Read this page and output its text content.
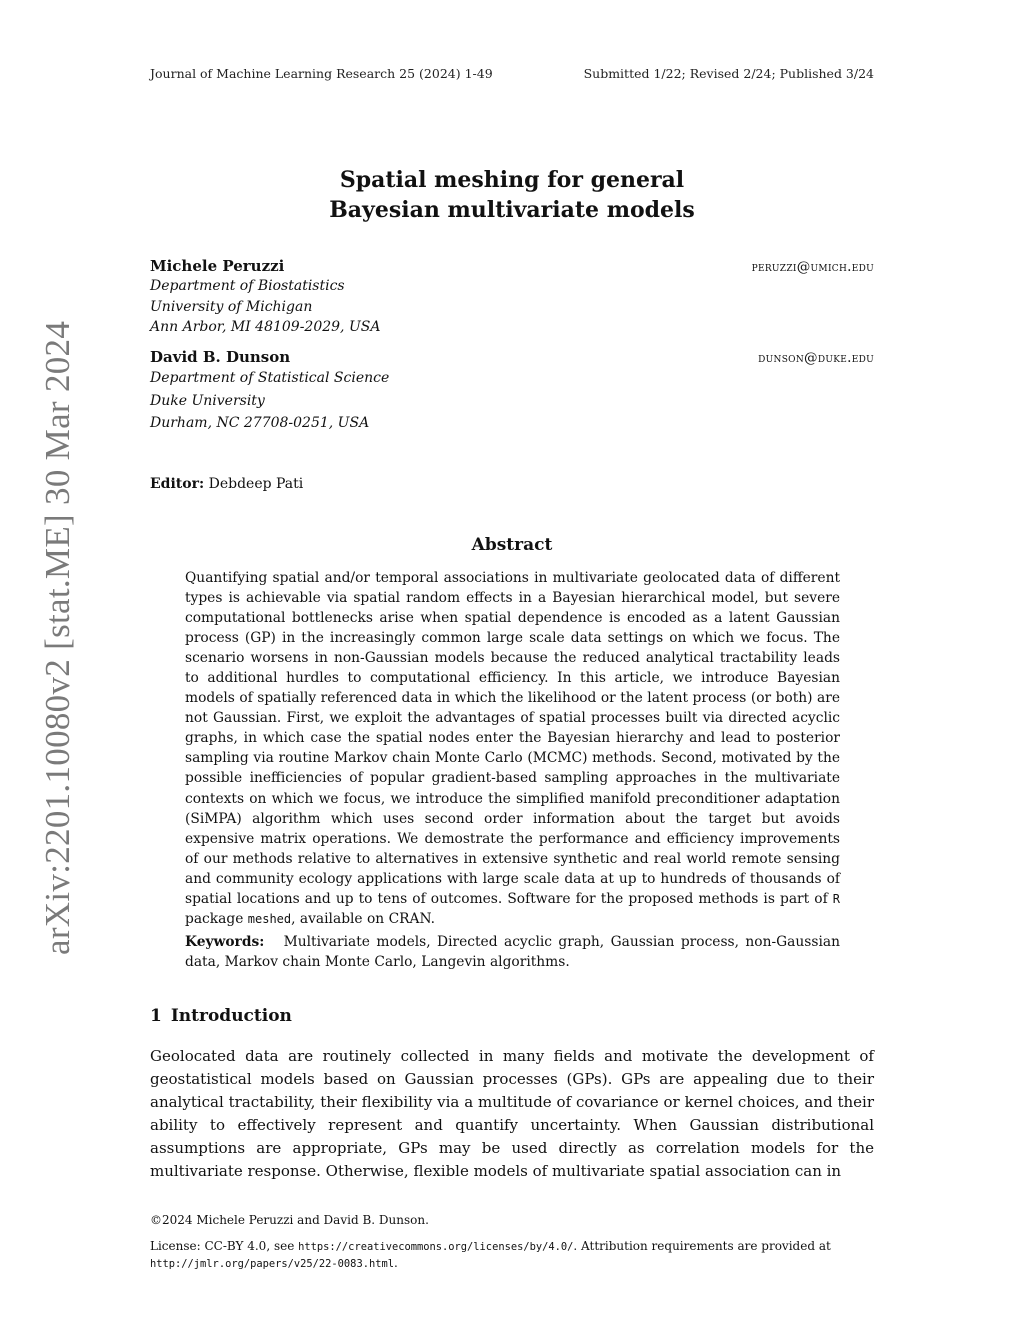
Journal of Machine Learning Research 25 (2024) 1-49	Submitted 1/22; Revised 2/24; Published 3/24
arXiv:2201.10080v2 [stat.ME] 30 Mar 2024
Spatial meshing for general
Bayesian multivariate models
Michele Peruzzi	peruzzi@umich.edu
Department of Biostatistics
University of Michigan
Ann Arbor, MI 48109-2029, USA
David B. Dunson	dunson@duke.edu
Department of Statistical Science
Duke University
Durham, NC 27708-0251, USA
Editor: Debdeep Pati
Abstract
Quantifying spatial and/or temporal associations in multivariate geolocated data of different types is achievable via spatial random effects in a Bayesian hierarchical model, but severe computational bottlenecks arise when spatial dependence is encoded as a latent Gaussian process (GP) in the increasingly common large scale data settings on which we focus. The scenario worsens in non-Gaussian models because the reduced analytical tractability leads to additional hurdles to computational efficiency. In this article, we introduce Bayesian models of spatially referenced data in which the likelihood or the latent process (or both) are not Gaussian. First, we exploit the advantages of spatial processes built via directed acyclic graphs, in which case the spatial nodes enter the Bayesian hierarchy and lead to posterior sampling via routine Markov chain Monte Carlo (MCMC) methods. Second, motivated by the possible inefficiencies of popular gradient-based sampling approaches in the multivariate contexts on which we focus, we introduce the simplified manifold preconditioner adaptation (SiMPA) algorithm which uses second order information about the target but avoids expensive matrix operations. We demostrate the performance and efficiency improvements of our methods relative to alternatives in extensive synthetic and real world remote sensing and community ecology applications with large scale data at up to hundreds of thousands of spatial locations and up to tens of outcomes. Software for the proposed methods is part of R package meshed, available on CRAN.
Keywords: Multivariate models, Directed acyclic graph, Gaussian process, non-Gaussian data, Markov chain Monte Carlo, Langevin algorithms.
1 Introduction
Geolocated data are routinely collected in many fields and motivate the development of geostatistical models based on Gaussian processes (GPs). GPs are appealing due to their analytical tractability, their flexibility via a multitude of covariance or kernel choices, and their ability to effectively represent and quantify uncertainty. When Gaussian distributional assumptions are appropriate, GPs may be used directly as correlation models for the multivariate response. Otherwise, flexible models of multivariate spatial association can in
©2024 Michele Peruzzi and David B. Dunson.
License: CC-BY 4.0, see https://creativecommons.org/licenses/by/4.0/. Attribution requirements are provided at http://jmlr.org/papers/v25/22-0083.html.
